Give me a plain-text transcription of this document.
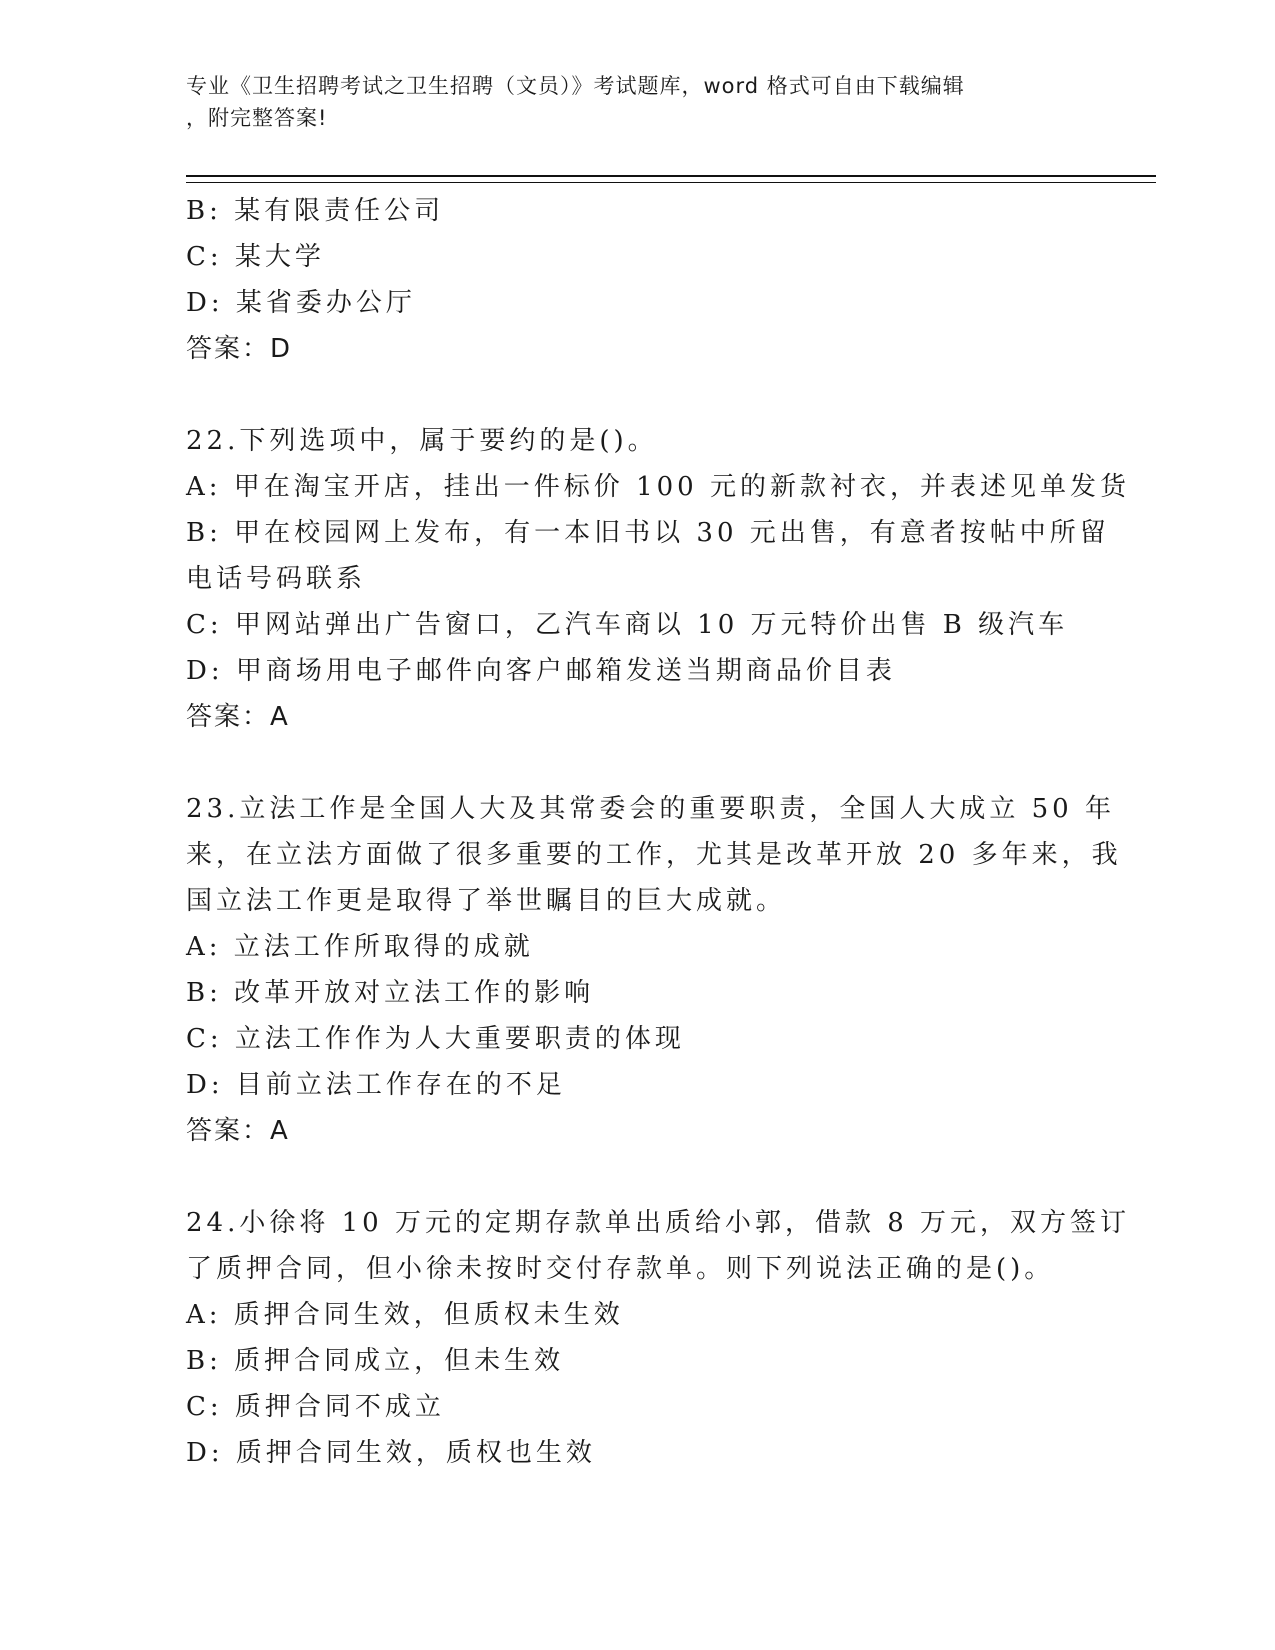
专业《卫生招聘考试之卫生招聘（文员）》考试题库，word 格式可自由下载编辑
，附完整答案!
B: 某有限责任公司
C: 某大学
D: 某省委办公厅
答案：D
22.下列选项中，属于要约的是()。
A: 甲在淘宝开店，挂出一件标价 100 元的新款衬衣，并表述见单发货
B: 甲在校园网上发布，有一本旧书以 30 元出售，有意者按帖中所留
电话号码联系
C: 甲网站弹出广告窗口，乙汽车商以 10 万元特价出售 B 级汽车
D: 甲商场用电子邮件向客户邮箱发送当期商品价目表
答案：A
23.立法工作是全国人大及其常委会的重要职责，全国人大成立 50 年
来，在立法方面做了很多重要的工作，尤其是改革开放 20 多年来，我
国立法工作更是取得了举世瞩目的巨大成就。
A: 立法工作所取得的成就
B: 改革开放对立法工作的影响
C: 立法工作作为人大重要职责的体现
D: 目前立法工作存在的不足
答案：A
24.小徐将 10 万元的定期存款单出质给小郭，借款 8 万元，双方签订
了质押合同，但小徐未按时交付存款单。则下列说法正确的是()。
A: 质押合同生效，但质权未生效
B: 质押合同成立，但未生效
C: 质押合同不成立
D: 质押合同生效，质权也生效
